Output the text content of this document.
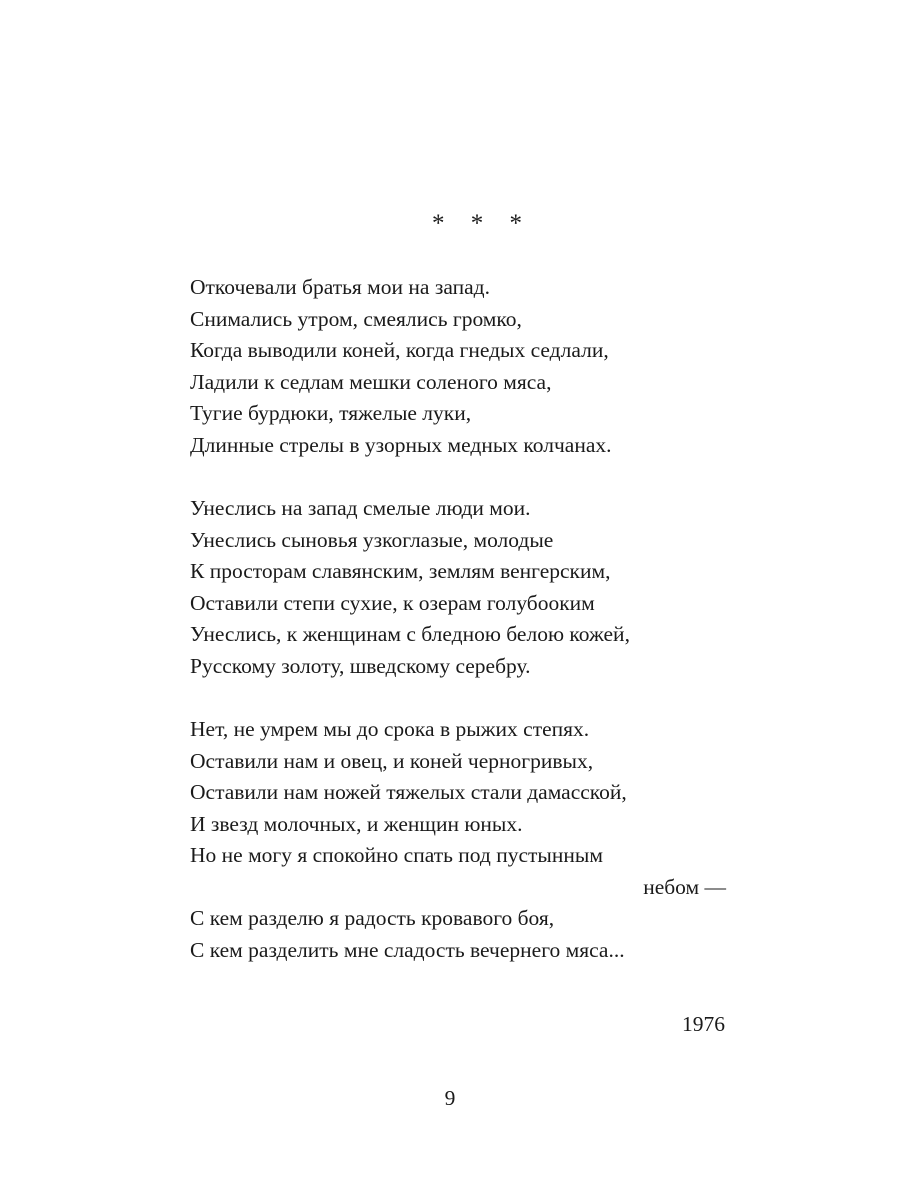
* * *
Откочевали братья мои на запад.
Снимались утром, смеялись громко,
Когда выводили коней, когда гнедых седлали,
Ладили к седлам мешки соленого мяса,
Тугие бурдюки, тяжелые луки,
Длинные стрелы в узорных медных колчанах.
Унеслись на запад смелые люди мои.
Унеслись сыновья узкоглазые, молодые
К просторам славянским, землям венгерским,
Оставили степи сухие, к озерам голубооким
Унеслись, к женщинам с бледною белою кожей,
Русскому золоту, шведскому серебру.
Нет, не умрем мы до срока в рыжих степях.
Оставили нам и овец, и коней черногривых,
Оставили нам ножей тяжелых стали дамасской,
И звезд молочных, и женщин юных.
Но не могу я спокойно спать под пустынным
небом —
С кем разделю я радость кровавого боя,
С кем разделить мне сладость вечернего мяса...
1976
9
